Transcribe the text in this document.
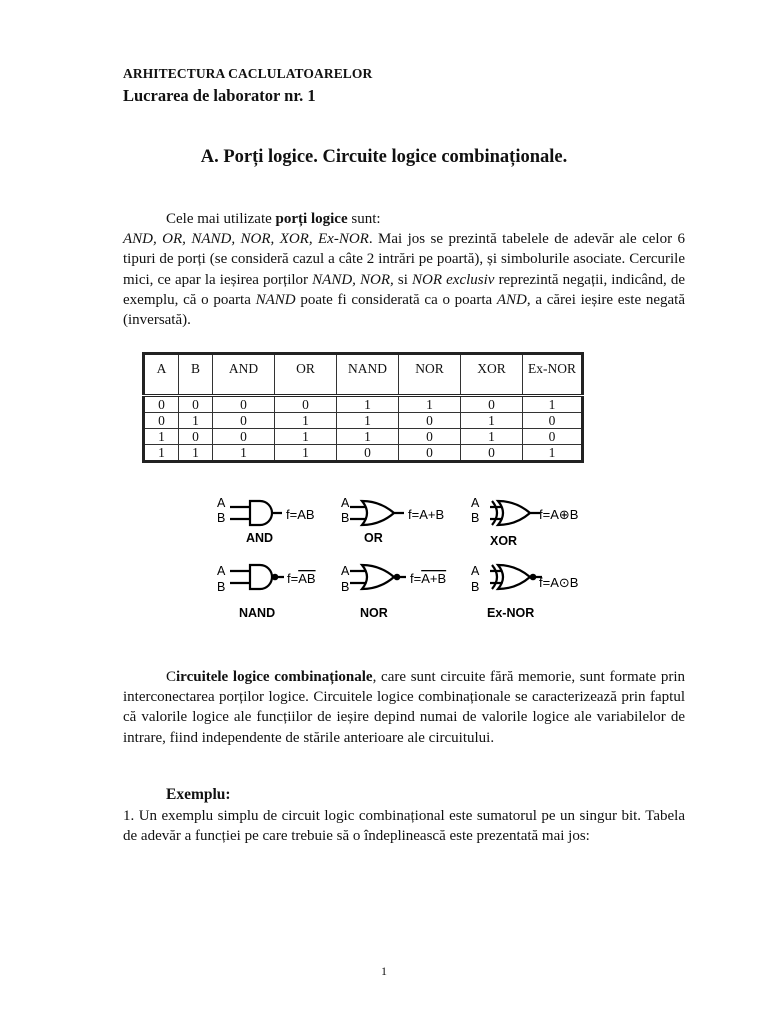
ARHITECTURA CACLULATOARELOR
Lucrarea de laborator nr. 1
A. Porți logice. Circuite logice combinaționale.

Cele mai utilizate porți logice sunt:

AND, OR, NAND, NOR, XOR, Ex-NOR. Mai jos se prezintă tabelele de adevăr ale celor 6 tipuri de porți (se consideră cazul a câte 2 intrări pe poartă), și simbolurile asociate. Cercurile mici, ce apar la ieșirea porților NAND, NOR, si NOR exclusiv reprezintă negații, indicând, de exemplu, că o poarta NAND poate fi considerată ca o poarta AND, a cărei ieșire este negată (inversată).

A	B	AND	OR	NAND	NOR	XOR	Ex-NOR
0	0	0	0	1	1	0	1
0	1	0	1	1	0	1	0
1	0	0	1	1	0	1	0
1	1	1	1	0	0	0	1
A
B	f=AB
AND
A
B	f=A+B
OR
A
B	f=A⊕B
XOR
A
B
f=AB
NAND
A
B
f=A+B
NOR
A
B	f=A⊙B
Ex-NOR

Circuitele logice combinaționale, care sunt circuite fără memorie, sunt formate prin interconectarea porților logice. Circuitele logice combinaționale se caracterizează prin faptul că valorile logice ale funcțiilor de ieșire depind numai de valorile logice ale variabilelor de intrare, fiind independente de stările anterioare ale circuitului.

Exemplu:

1. Un exemplu simplu de circuit logic combinațional este sumatorul pe un singur bit. Tabela de adevăr a funcției pe care trebuie să o îndeplinească este prezentată mai jos:

1
